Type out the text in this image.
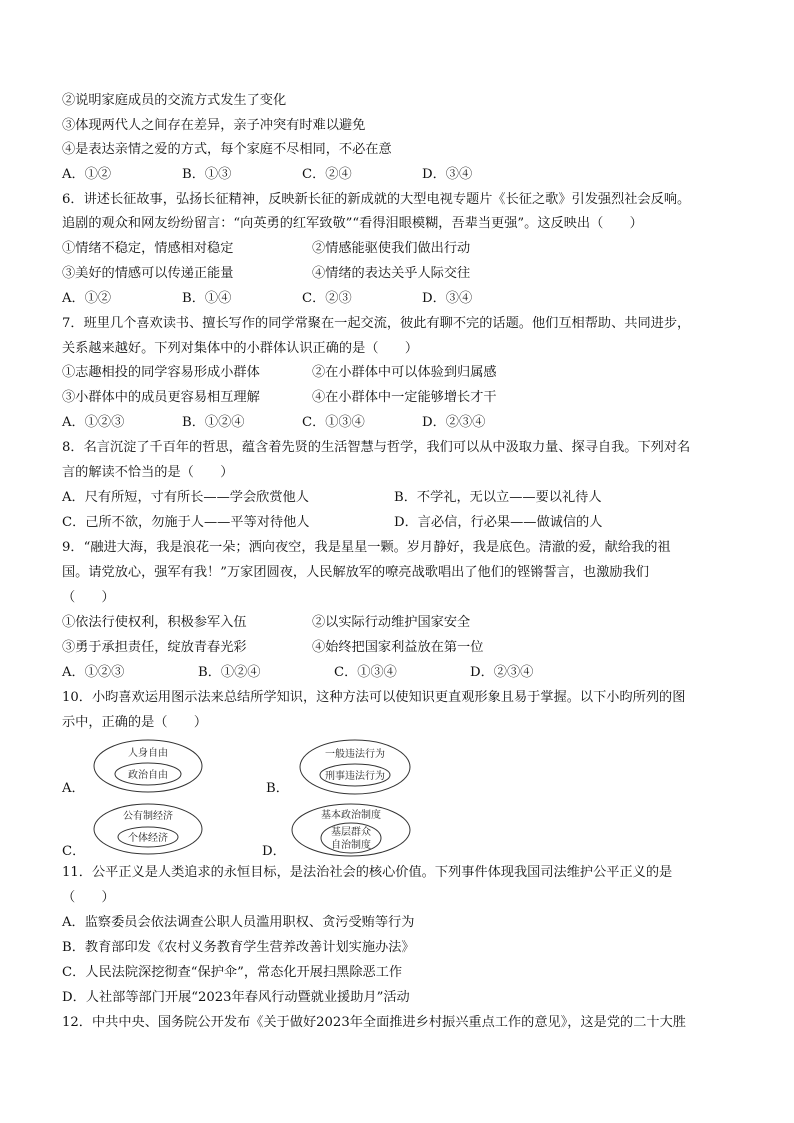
②说明家庭成员的交流方式发生了变化
③体现两代人之间存在差异，亲子冲突有时难以避免
④是表达亲情之爱的方式，每个家庭不尽相同，不必在意
A．①②	B．①③	C．②④	D．③④
6．讲述长征故事，弘扬长征精神，反映新长征的新成就的大型电视专题片《长征之歌》引发强烈社会反响。
追剧的观众和网友纷纷留言：“向英勇的红军致敬”“看得泪眼模糊，吾辈当更强”。这反映出（　　）
①情绪不稳定，情感相对稳定	②情感能驱使我们做出行动
③美好的情感可以传递正能量	④情绪的表达关乎人际交往
A．①②	B．①④	C．②③	D．③④
7．班里几个喜欢读书、擅长写作的同学常聚在一起交流，彼此有聊不完的话题。他们互相帮助、共同进步，
关系越来越好。下列对集体中的小群体认识正确的是（　　）
①志趣相投的同学容易形成小群体	②在小群体中可以体验到归属感
③小群体中的成员更容易相互理解	④在小群体中一定能够增长才干
A．①②③	B．①②④	C．①③④	D．②③④
8．名言沉淀了千百年的哲思，蕴含着先贤的生活智慧与哲学，我们可以从中汲取力量、探寻自我。下列对名
言的解读不恰当的是（　　）
A．尺有所短，寸有所长——学会欣赏他人	B．不学礼，无以立——要以礼待人
C．己所不欲，勿施于人——平等对待他人	D．言必信，行必果——做诚信的人
9．“融进大海，我是浪花一朵；洒向夜空，我是星星一颗。岁月静好，我是底色。清澈的爱，献给我的祖
国。请党放心，强军有我！”万家团圆夜，人民解放军的嘹亮战歌唱出了他们的铿锵誓言，也激励我们
（　　）
①依法行使权利，积极参军入伍	②以实际行动维护国家安全
③勇于承担责任，绽放青春光彩	④始终把国家利益放在第一位
A．①②③	B．①②④	C．①③④	D．②③④
10．小昀喜欢运用图示法来总结所学知识，这种方法可以使知识更直观形象且易于掌握。以下小昀所列的图
示中，正确的是（　　）
A．
人身自由
政治自由
B．
一般违法行为
刑事违法行为
C．
公有制经济
个体经济
D．
基本政治制度
基层群众
自治制度
11．公平正义是人类追求的永恒目标，是法治社会的核心价值。下列事件体现我国司法维护公平正义的是
（　　）
A．监察委员会依法调查公职人员滥用职权、贪污受贿等行为
B．教育部印发《农村义务教育学生营养改善计划实施办法》
C．人民法院深挖彻查“保护伞”，常态化开展扫黑除恶工作
D．人社部等部门开展“2023年春风行动暨就业援助月”活动
12．中共中央、国务院公开发布《关于做好2023年全面推进乡村振兴重点工作的意见》，这是党的二十大胜
